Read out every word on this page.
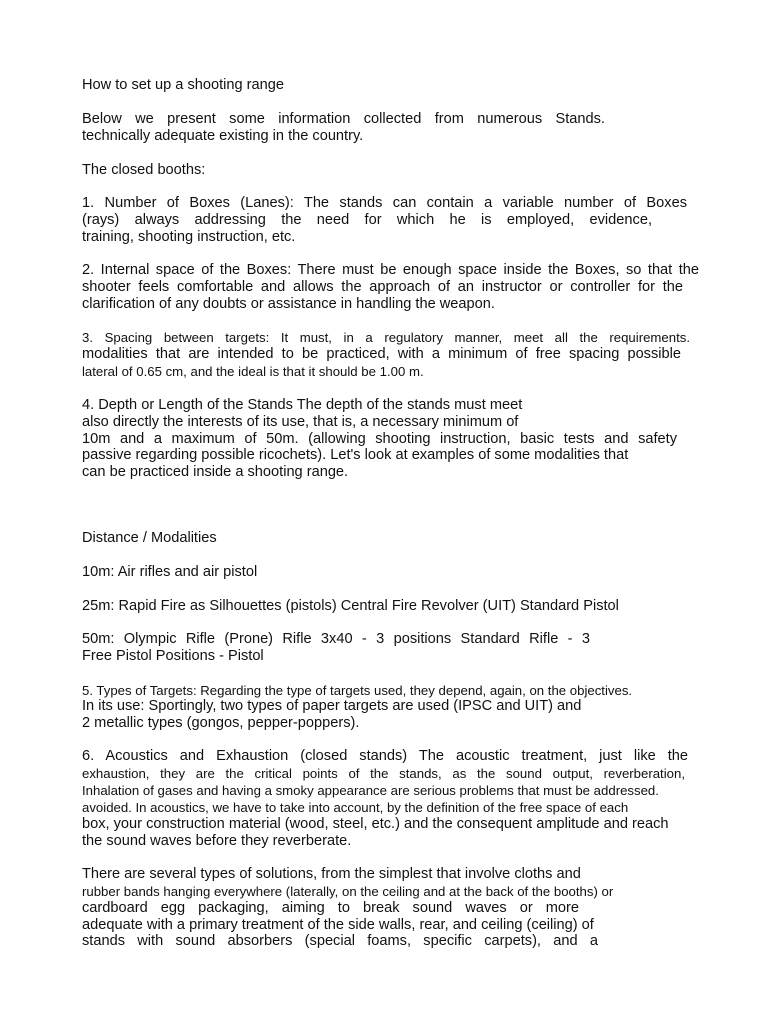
How to set up a shooting range
Below we present some information collected from numerous Stands.
technically adequate existing in the country.
The closed booths:
1. Number of Boxes (Lanes): The stands can contain a variable number of Boxes
(rays) always addressing the need for which he is employed, evidence,
training, shooting instruction, etc.
2. Internal space of the Boxes: There must be enough space inside the Boxes, so that the
shooter feels comfortable and allows the approach of an instructor or controller for the
clarification of any doubts or assistance in handling the weapon.
3. Spacing between targets: It must, in a regulatory manner, meet all the requirements.
modalities that are intended to be practiced, with a minimum of free spacing possible
lateral of 0.65 cm, and the ideal is that it should be 1.00 m.
4. Depth or Length of the Stands The depth of the stands must meet
also directly the interests of its use, that is, a necessary minimum of
10m and a maximum of 50m. (allowing shooting instruction, basic tests and safety
passive regarding possible ricochets). Let's look at examples of some modalities that
can be practiced inside a shooting range.
Distance / Modalities
10m: Air rifles and air pistol
25m: Rapid Fire as Silhouettes (pistols) Central Fire Revolver (UIT) Standard Pistol
50m: Olympic Rifle (Prone) Rifle 3x40 - 3 positions Standard Rifle - 3
Free Pistol Positions - Pistol
5. Types of Targets: Regarding the type of targets used, they depend, again, on the objectives.
In its use: Sportingly, two types of paper targets are used (IPSC and UIT) and
2 metallic types (gongos, pepper-poppers).
6. Acoustics and Exhaustion (closed stands) The acoustic treatment, just like the
exhaustion, they are the critical points of the stands, as the sound output, reverberation,
Inhalation of gases and having a smoky appearance are serious problems that must be addressed.
avoided. In acoustics, we have to take into account, by the definition of the free space of each
box, your construction material (wood, steel, etc.) and the consequent amplitude and reach
the sound waves before they reverberate.
There are several types of solutions, from the simplest that involve cloths and
rubber bands hanging everywhere (laterally, on the ceiling and at the back of the booths) or
cardboard egg packaging, aiming to break sound waves or more
adequate with a primary treatment of the side walls, rear, and ceiling (ceiling) of
stands with sound absorbers (special foams, specific carpets), and a
